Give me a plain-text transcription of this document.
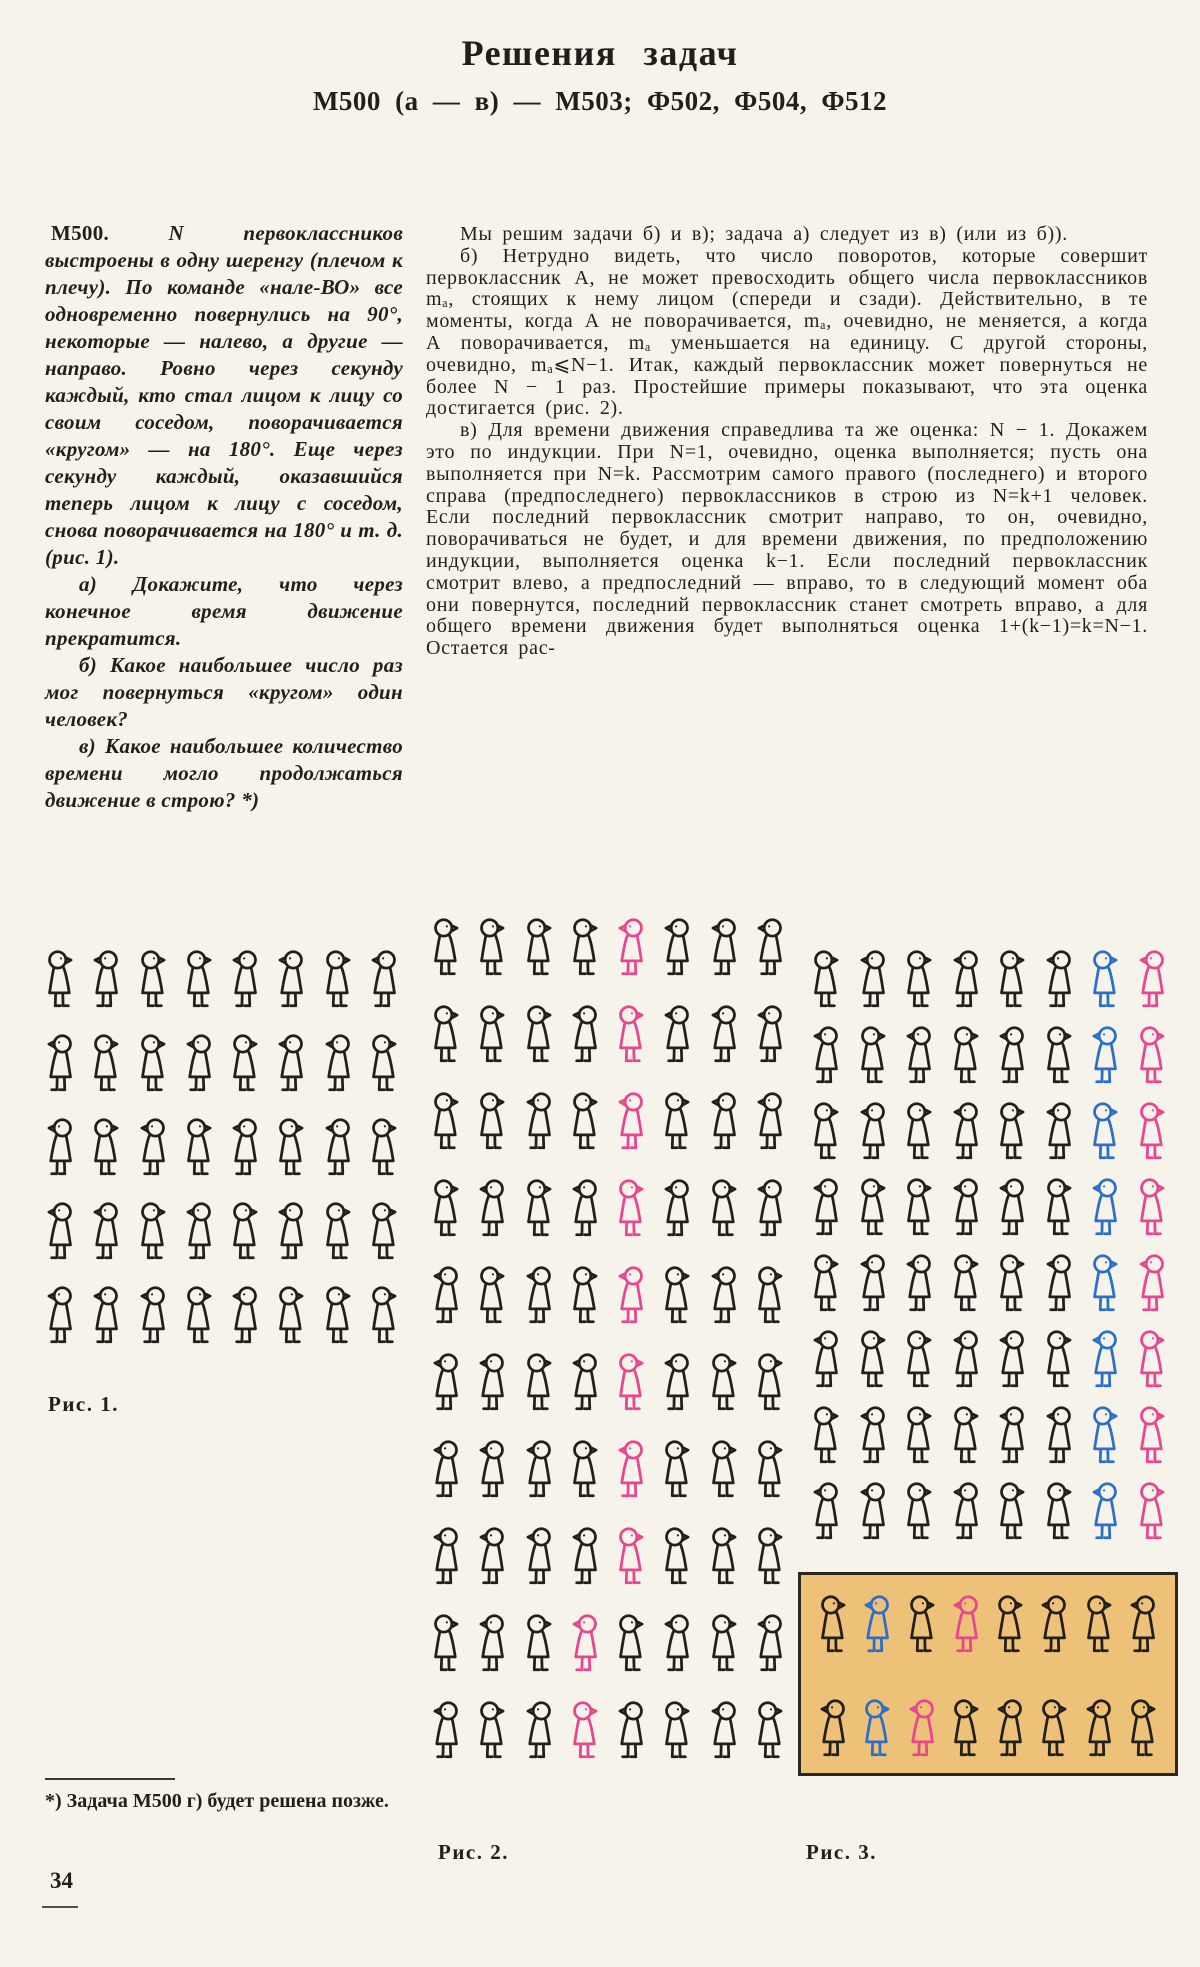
Решения задач
М500 (а — в) — М503; Ф502, Ф504, Ф512

М500.	N первоклассников выстроены в одну шеренгу (плечом к плечу). По команде «нале-ВО» все одновременно повернулись на 90°, некоторые — налево, а другие — направо. Ровно через секунду каждый, кто стал лицом к лицу со своим соседом, поворачивается «кругом» — на 180°. Еще через секунду каждый, оказавшийся теперь лицом к лицу с соседом, снова поворачивается на 180° и т. д. (рис. 1).

а) Докажите, что через конечное время движение прекратится.

б) Какое наибольшее число раз мог повернуться «кругом» один человек?

в) Какое наибольшее количество времени могло продолжаться движение в строю? *)

Мы решим задачи б) и в); задача а) следует из в) (или из б)).

б) Нетрудно видеть, что число поворотов, которые совершит первоклассник А, не может превосходить общего числа первоклассников mₐ, стоящих к нему лицом (спереди и сзади). Действительно, в те моменты, когда А не поворачивается, mₐ, очевидно, не меняется, а когда А поворачивается, mₐ уменьшается на единицу. С другой стороны, очевидно, mₐ⩽N−1. Итак, каждый первоклассник может повернуться не более N − 1 раз. Простейшие примеры показывают, что эта оценка достигается (рис. 2).

в) Для времени движения справедлива та же оценка: N − 1. Докажем это по индукции. При N=1, очевидно, оценка выполняется; пусть она выполняется при N=k. Рассмотрим самого правого (последнего) и второго справа (предпоследнего) первоклассников в строю из N=k+1 человек. Если последний первоклассник смотрит направо, то он, очевидно, поворачиваться не будет, и для времени движения, по предположению индукции, выполняется оценка k−1. Если последний первоклассник смотрит влево, а предпоследний — вправо, то в следующий момент оба они повернутся, последний первоклассник станет смотреть вправо, а для общего времени движения будет выполняться оценка 1+(k−1)=k=N−1. Остается рас-

Рис. 1.
Рис. 2.	Рис. 3.
*) Задача М500 г) будет решена позже.
34
